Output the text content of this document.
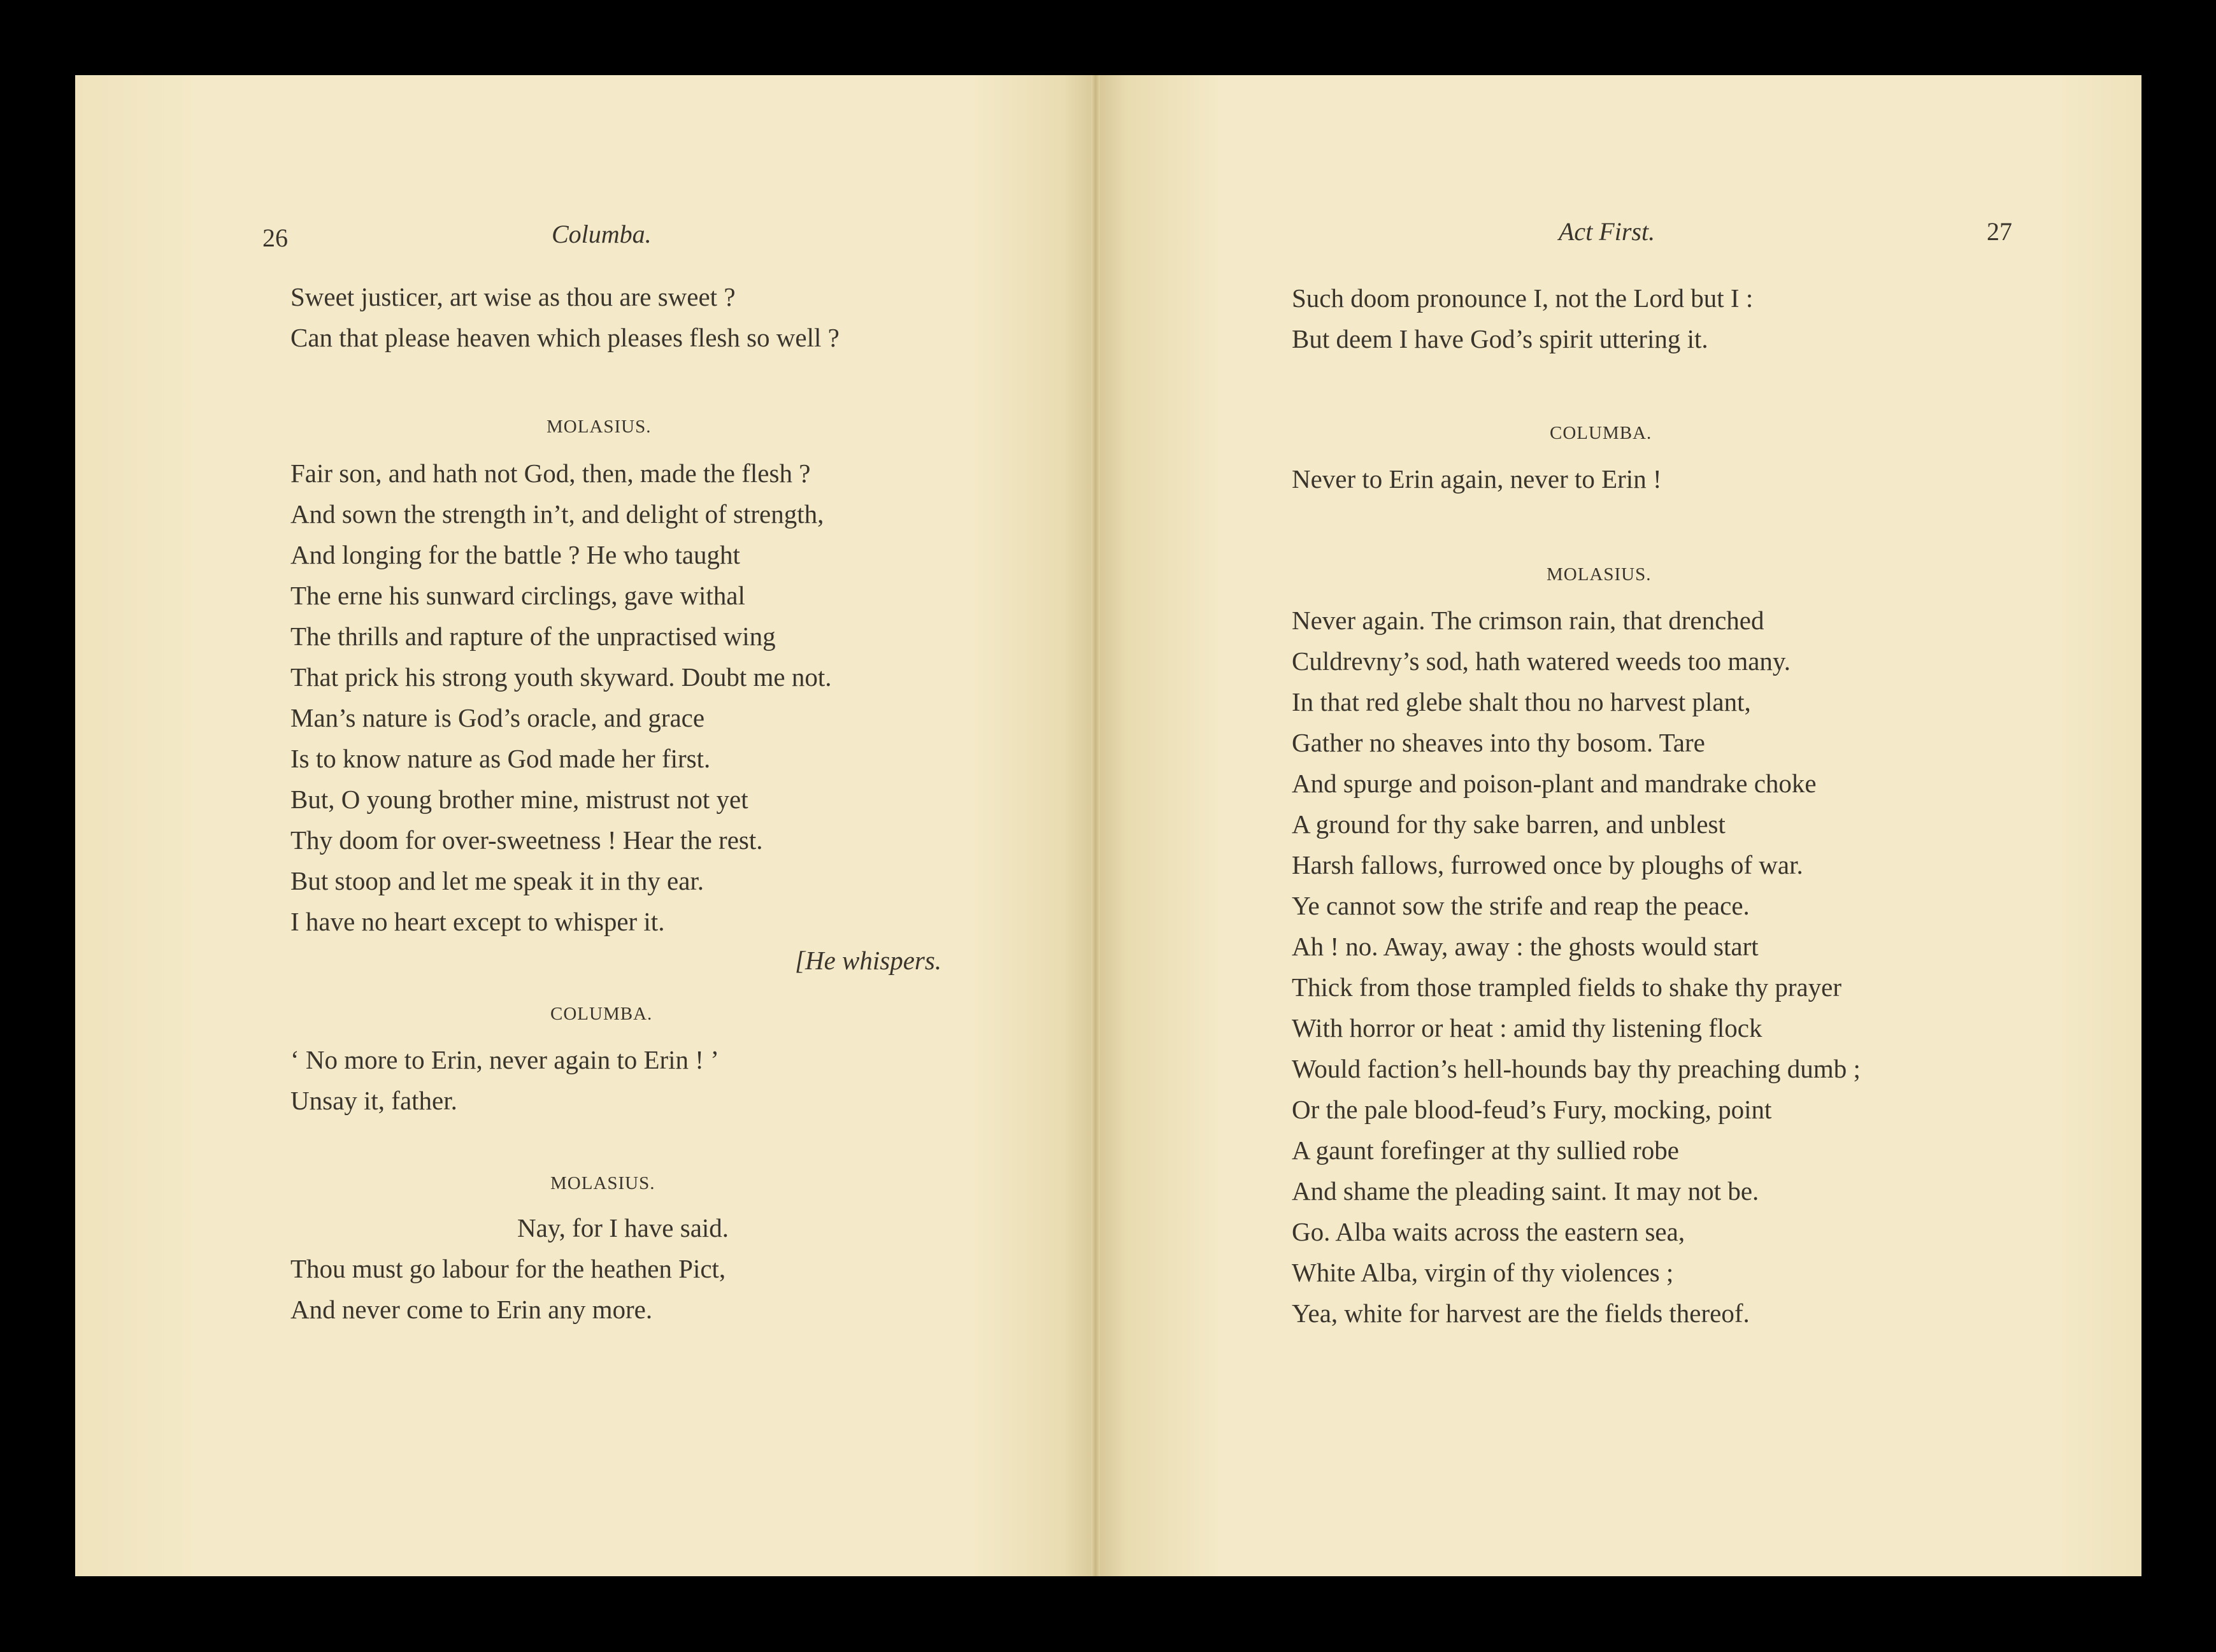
26	Columba.
Sweet justicer, art wise as thou are sweet ?
Can that please heaven which pleases flesh so well ?
MOLASIUS.
Fair son, and hath not God, then, made the flesh ?
And sown the strength in’t, and delight of strength,
And longing for the battle ? He who taught
The erne his sunward circlings, gave withal
The thrills and rapture of the unpractised wing
That prick his strong youth skyward. Doubt me not.
Man’s nature is God’s oracle, and grace
Is to know nature as God made her first.
But, O young brother mine, mistrust not yet
Thy doom for over-sweetness ! Hear the rest.
But stoop and let me speak it in thy ear.
I have no heart except to whisper it.
[He whispers.
COLUMBA.
‘ No more to Erin, never again to Erin ! ’
Unsay it, father.
MOLASIUS.
Nay, for I have said.
Thou must go labour for the heathen Pict,
And never come to Erin any more.
Act First.	27
Such doom pronounce I, not the Lord but I :
But deem I have God’s spirit uttering it.
COLUMBA.
Never to Erin again, never to Erin !
MOLASIUS.
Never again. The crimson rain, that drenched
Culdrevny’s sod, hath watered weeds too many.
In that red glebe shalt thou no harvest plant,
Gather no sheaves into thy bosom. Tare
And spurge and poison-plant and mandrake choke
A ground for thy sake barren, and unblest
Harsh fallows, furrowed once by ploughs of war.
Ye cannot sow the strife and reap the peace.
Ah ! no. Away, away : the ghosts would start
Thick from those trampled fields to shake thy prayer
With horror or heat : amid thy listening flock
Would faction’s hell-hounds bay thy preaching dumb ;
Or the pale blood-feud’s Fury, mocking, point
A gaunt forefinger at thy sullied robe
And shame the pleading saint. It may not be.
Go. Alba waits across the eastern sea,
White Alba, virgin of thy violences ;
Yea, white for harvest are the fields thereof.
